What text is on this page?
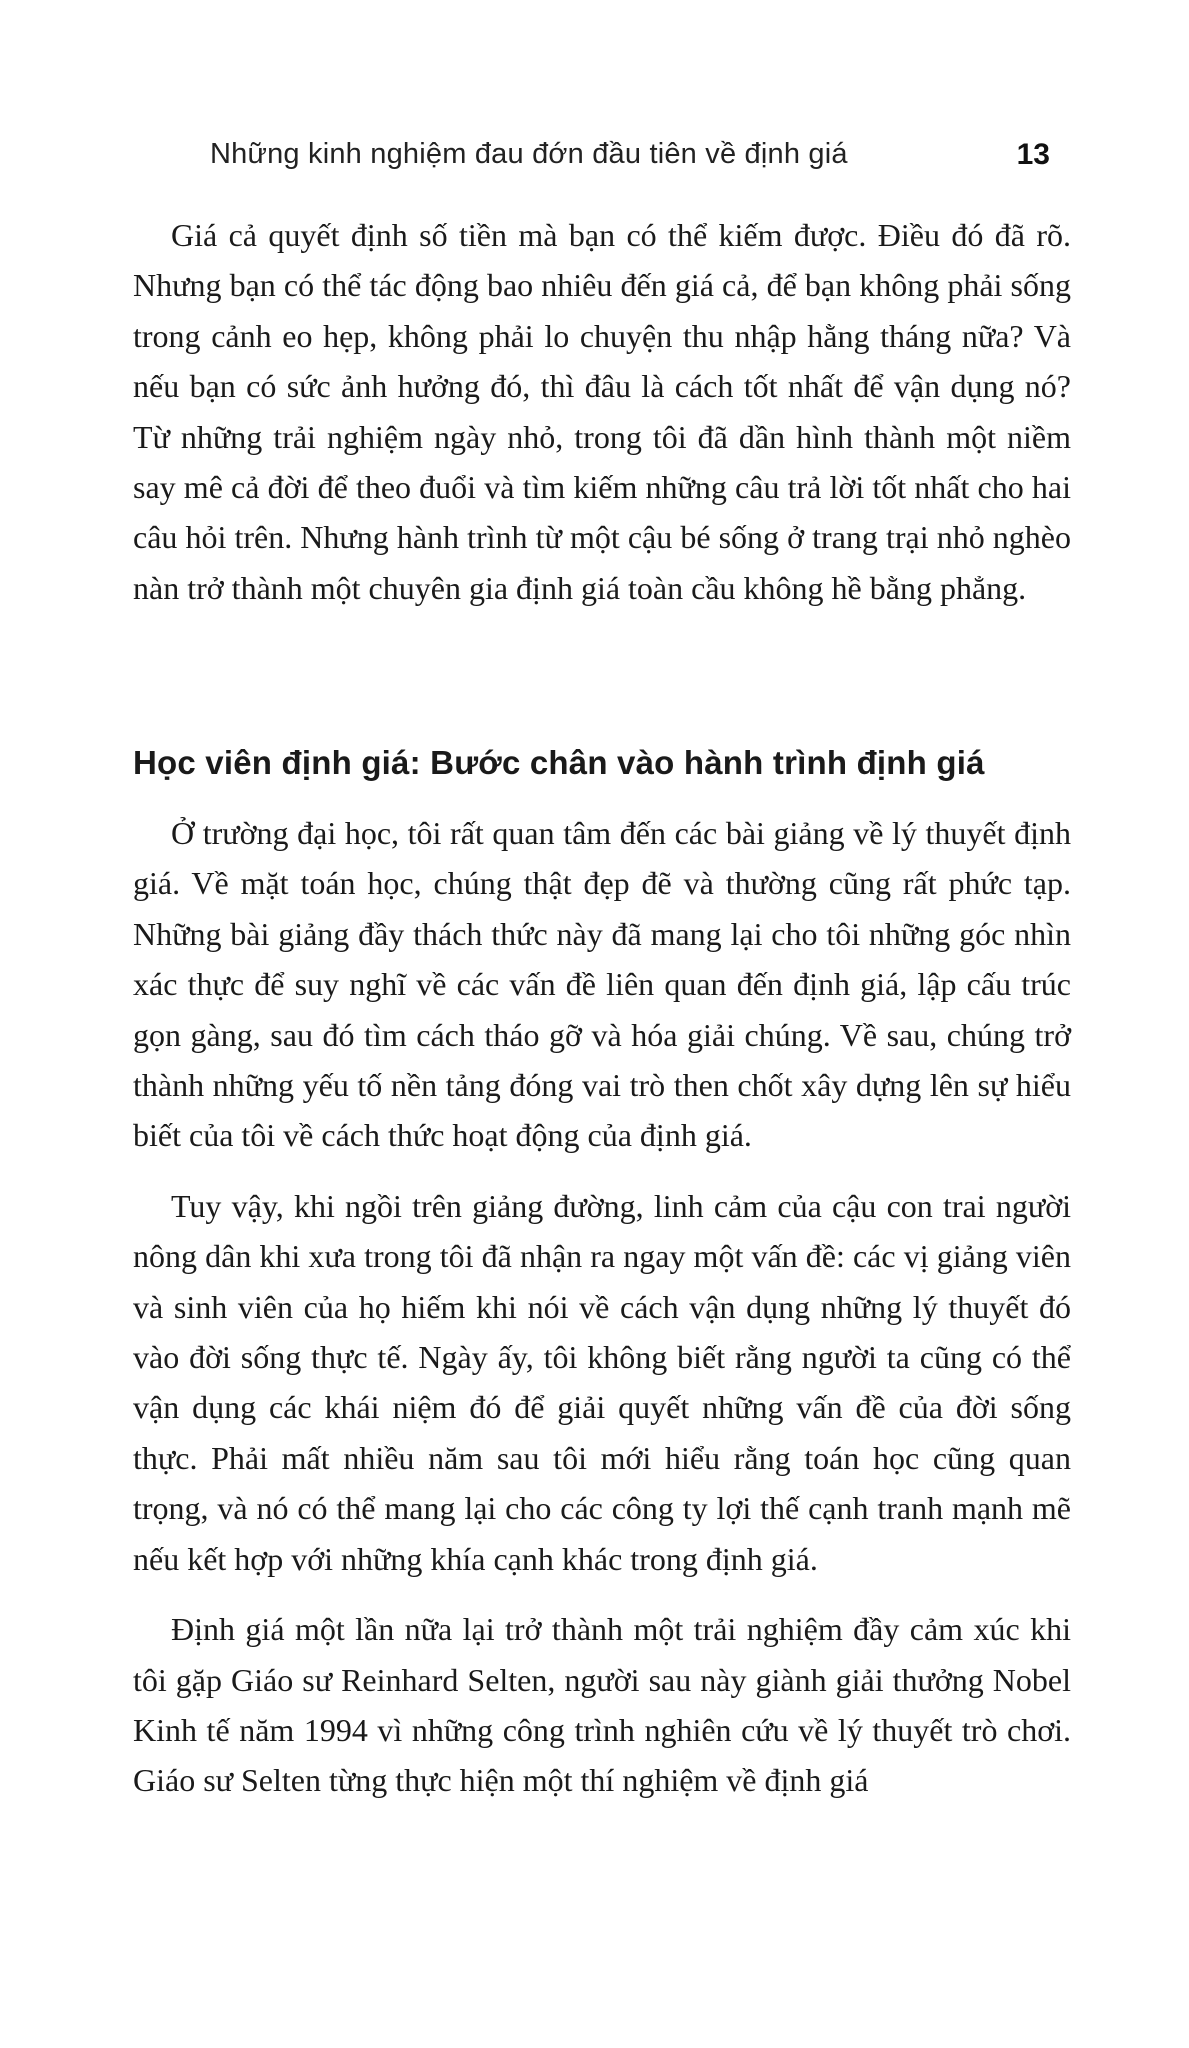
Những kinh nghiệm đau đớn đầu tiên về định giá	13

Giá cả quyết định số tiền mà bạn có thể kiếm được. Điều đó đã rõ. Nhưng bạn có thể tác động bao nhiêu đến giá cả, để bạn không phải sống trong cảnh eo hẹp, không phải lo chuyện thu nhập hằng tháng nữa? Và nếu bạn có sức ảnh hưởng đó, thì đâu là cách tốt nhất để vận dụng nó? Từ những trải nghiệm ngày nhỏ, trong tôi đã dần hình thành một niềm say mê cả đời để theo đuổi và tìm kiếm những câu trả lời tốt nhất cho hai câu hỏi trên. Nhưng hành trình từ một cậu bé sống ở trang trại nhỏ nghèo nàn trở thành một chuyên gia định giá toàn cầu không hề bằng phẳng.

Học viên định giá: Bước chân vào hành trình định giá

Ở trường đại học, tôi rất quan tâm đến các bài giảng về lý thuyết định giá. Về mặt toán học, chúng thật đẹp đẽ và thường cũng rất phức tạp. Những bài giảng đầy thách thức này đã mang lại cho tôi những góc nhìn xác thực để suy nghĩ về các vấn đề liên quan đến định giá, lập cấu trúc gọn gàng, sau đó tìm cách tháo gỡ và hóa giải chúng. Về sau, chúng trở thành những yếu tố nền tảng đóng vai trò then chốt xây dựng lên sự hiểu biết của tôi về cách thức hoạt động của định giá.

Tuy vậy, khi ngồi trên giảng đường, linh cảm của cậu con trai người nông dân khi xưa trong tôi đã nhận ra ngay một vấn đề: các vị giảng viên và sinh viên của họ hiếm khi nói về cách vận dụng những lý thuyết đó vào đời sống thực tế. Ngày ấy, tôi không biết rằng người ta cũng có thể vận dụng các khái niệm đó để giải quyết những vấn đề của đời sống thực. Phải mất nhiều năm sau tôi mới hiểu rằng toán học cũng quan trọng, và nó có thể mang lại cho các công ty lợi thế cạnh tranh mạnh mẽ nếu kết hợp với những khía cạnh khác trong định giá.

Định giá một lần nữa lại trở thành một trải nghiệm đầy cảm xúc khi tôi gặp Giáo sư Reinhard Selten, người sau này giành giải thưởng Nobel Kinh tế năm 1994 vì những công trình nghiên cứu về lý thuyết trò chơi. Giáo sư Selten từng thực hiện một thí nghiệm về định giá
